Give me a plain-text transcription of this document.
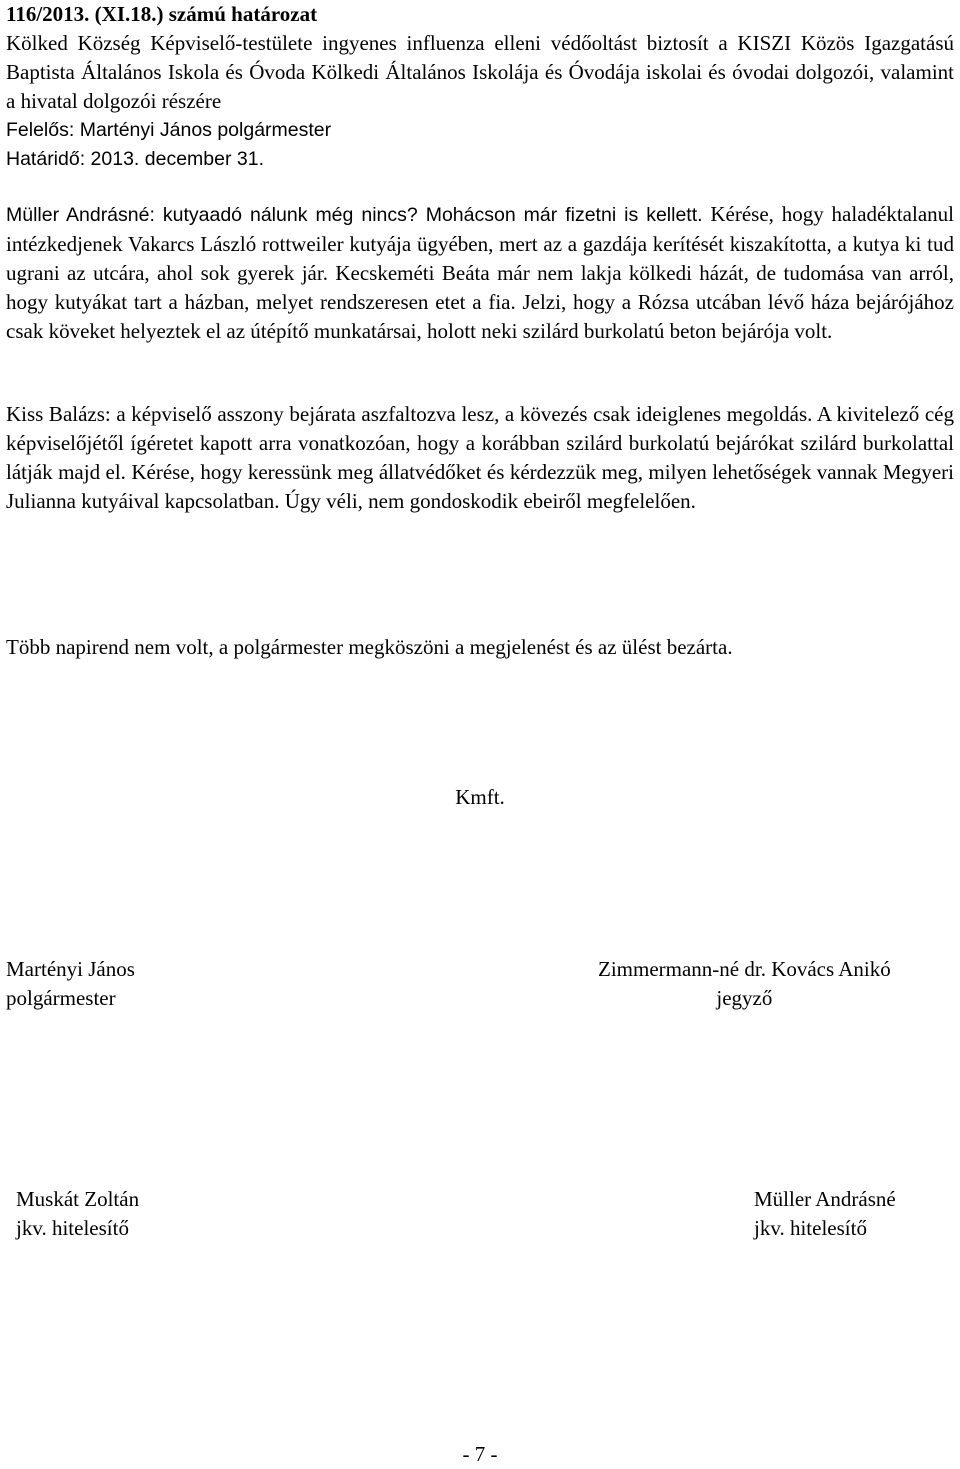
116/2013. (XI.18.) számú határozat
Kölked Község Képviselő-testülete ingyenes influenza elleni védőoltást biztosít a KISZI Közös Igazgatású Baptista Általános Iskola és Óvoda Kölkedi Általános Iskolája és Óvodája iskolai és óvodai dolgozói, valamint a hivatal dolgozói részére
Felelős: Martényi János polgármester
Határidő: 2013. december 31.
Müller Andrásné: kutyaadó nálunk még nincs? Mohácson már fizetni is kellett. Kérése, hogy haladéktalanul intézkedjenek Vakarcs László rottweiler kutyája ügyében, mert az a gazdája kerítését kiszakította, a kutya ki tud ugrani az utcára, ahol sok gyerek jár. Kecskeméti Beáta már nem lakja kölkedi házát, de tudomása van arról, hogy kutyákat tart a házban, melyet rendszeresen etet a fia. Jelzi, hogy a Rózsa utcában lévő háza bejárójához csak köveket helyeztek el az útépítő munkatársai, holott neki szilárd burkolatú beton bejárója volt.
Kiss Balázs: a képviselő asszony bejárata aszfaltozva lesz, a kövezés csak ideiglenes megoldás. A kivitelező cég képviselőjétől ígéretet kapott arra vonatkozóan, hogy a korábban szilárd burkolatú bejárókat szilárd burkolattal látják majd el. Kérése, hogy keressünk meg állatvédőket és kérdezzük meg, milyen lehetőségek vannak Megyeri Julianna kutyáival kapcsolatban. Úgy véli, nem gondoskodik ebeiről megfelelően.
Több napirend nem volt, a polgármester megköszöni a megjelenést és az ülést bezárta.
Kmft.
Martényi János
polgármester
Zimmermann-né dr. Kovács Anikó
jegyző
Muskát Zoltán
jkv. hitelesítő
Müller Andrásné
jkv. hitelesítő
- 7 -
